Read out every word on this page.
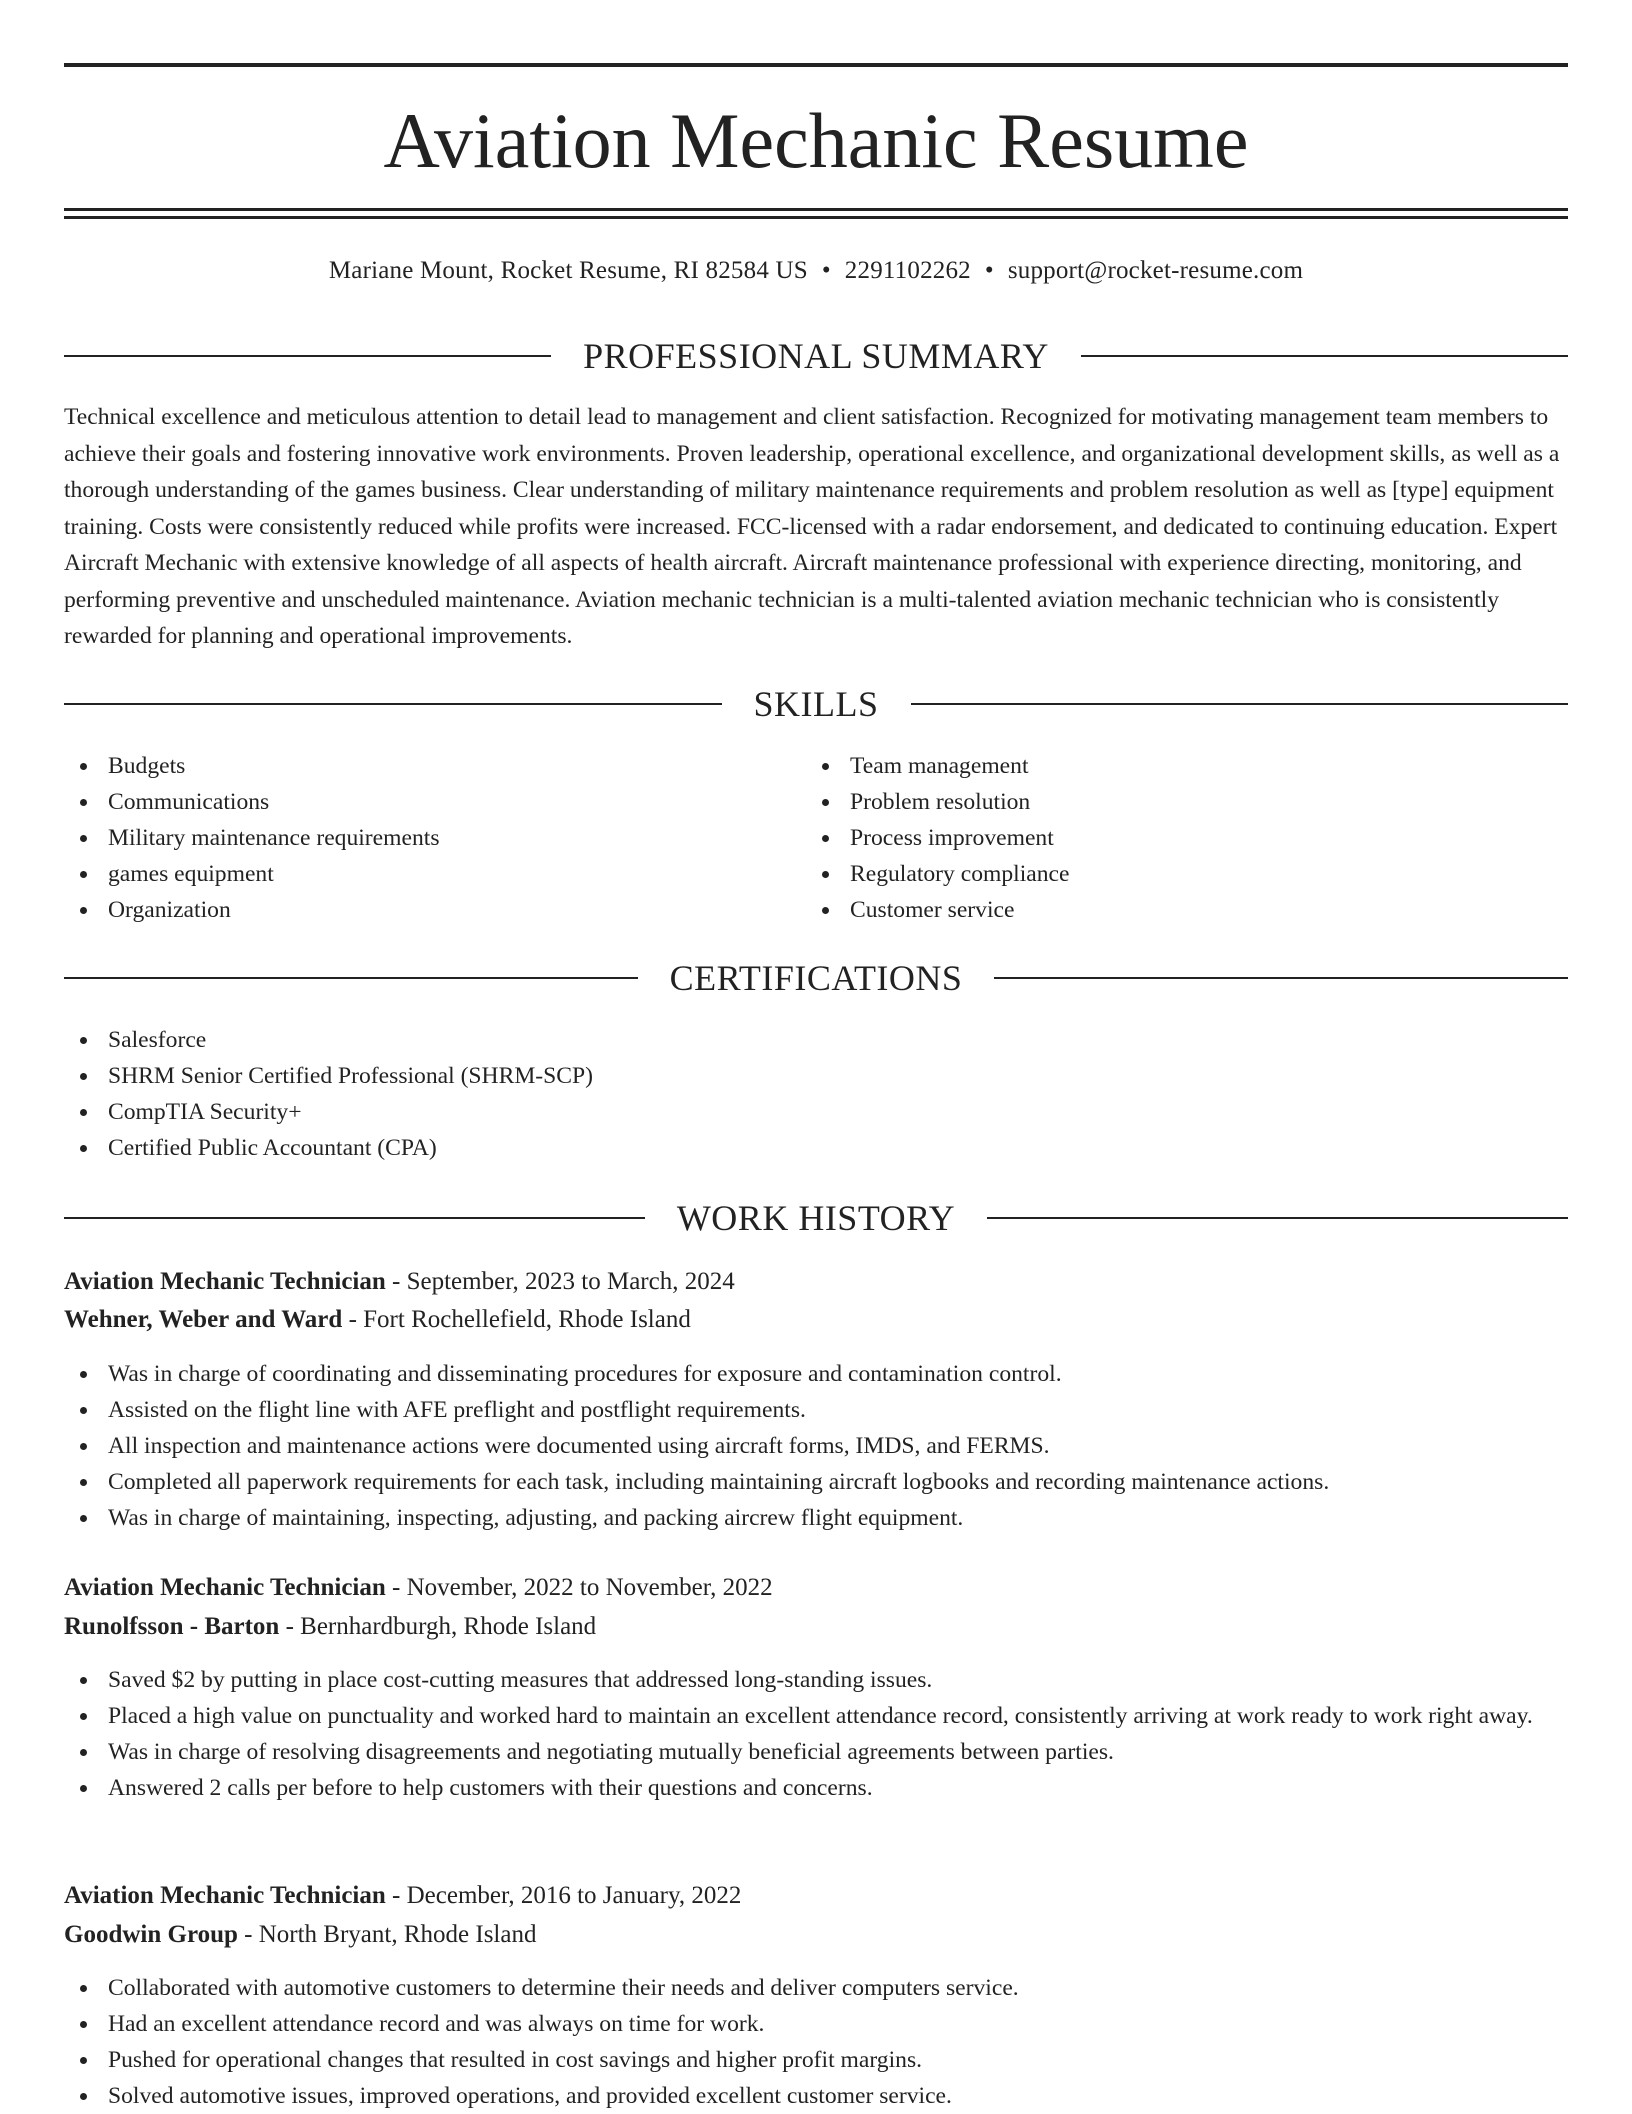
Aviation Mechanic Resume
Mariane Mount, Rocket Resume, RI 82584 US • 2291102262 • support@rocket-resume.com
PROFESSIONAL SUMMARY

Technical excellence and meticulous attention to detail lead to management and client satisfaction. Recognized for motivating management team members to achieve their goals and fostering innovative work environments. Proven leadership, operational excellence, and organizational development skills, as well as a thorough understanding of the games business. Clear understanding of military maintenance requirements and problem resolution as well as [type] equipment training. Costs were consistently reduced while profits were increased. FCC-licensed with a radar endorsement, and dedicated to continuing education. Expert Aircraft Mechanic with extensive knowledge of all aspects of health aircraft. Aircraft maintenance professional with experience directing, monitoring, and performing preventive and unscheduled maintenance. Aviation mechanic technician is a multi-talented aviation mechanic technician who is consistently rewarded for planning and operational improvements.

SKILLS
Budgets
Communications
Military maintenance requirements
games equipment
Organization
Team management
Problem resolution
Process improvement
Regulatory compliance
Customer service
CERTIFICATIONS
Salesforce
SHRM Senior Certified Professional (SHRM-SCP)
CompTIA Security+
Certified Public Accountant (CPA)
WORK HISTORY
Aviation Mechanic Technician - September, 2023 to March, 2024
Wehner, Weber and Ward - Fort Rochellefield, Rhode Island
Was in charge of coordinating and disseminating procedures for exposure and contamination control.
Assisted on the flight line with AFE preflight and postflight requirements.
All inspection and maintenance actions were documented using aircraft forms, IMDS, and FERMS.
Completed all paperwork requirements for each task, including maintaining aircraft logbooks and recording maintenance actions.
Was in charge of maintaining, inspecting, adjusting, and packing aircrew flight equipment.
Aviation Mechanic Technician - November, 2022 to November, 2022
Runolfsson - Barton - Bernhardburgh, Rhode Island
Saved $2 by putting in place cost-cutting measures that addressed long-standing issues.
Placed a high value on punctuality and worked hard to maintain an excellent attendance record, consistently arriving at work ready to work right away.
Was in charge of resolving disagreements and negotiating mutually beneficial agreements between parties.
Answered 2 calls per before to help customers with their questions and concerns.
Aviation Mechanic Technician - December, 2016 to January, 2022
Goodwin Group - North Bryant, Rhode Island
Collaborated with automotive customers to determine their needs and deliver computers service.
Had an excellent attendance record and was always on time for work.
Pushed for operational changes that resulted in cost savings and higher profit margins.
Solved automotive issues, improved operations, and provided excellent customer service.
